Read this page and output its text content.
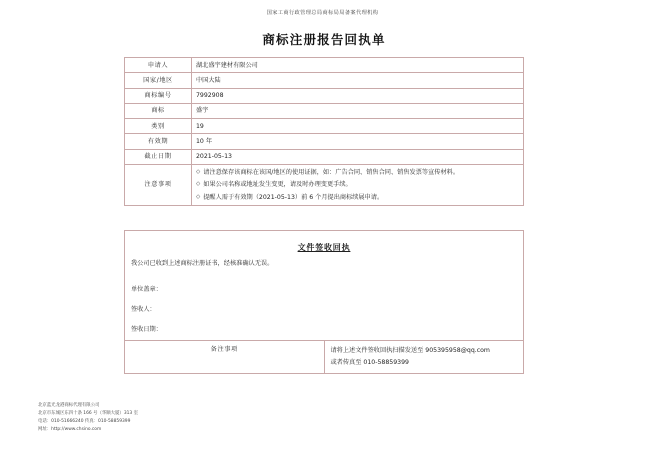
国家工商行政管理总局商标局局备案代理机构
商标注册报告回执单
申请人	湖北盛宇建材有限公司
国家/地区	中国大陆
商标编号	7992908
商标	盛宇
类别	19
有效期	10 年
截止日期	2021-05-13
注意事项	
◇ 请注意保存该商标在该国/地区的使用证据，如：广告合同、销售合同、销售发票等宣传材料。
◇ 如果公司名称或地址发生变更，请及时办理变更手续。
◇ 提醒人需于有效期（2021-05-13）前 6 个月提出商标续展申请。
文件签收回执
我公司已收到上述商标注册证书，经核准确认无误。
单位盖章：
签收人：
签收日期：

备注事项	请将上述文件签收回执扫描发送至 905395958@qq.com
或者传真至 010-58859399
北京蓝光龙港商标代理有限公司
北京市东城区东四十条 166 号（华顺大厦）313 室
电话：010-51666240 传真：010-58859399
网址：http://www.chsino.com
